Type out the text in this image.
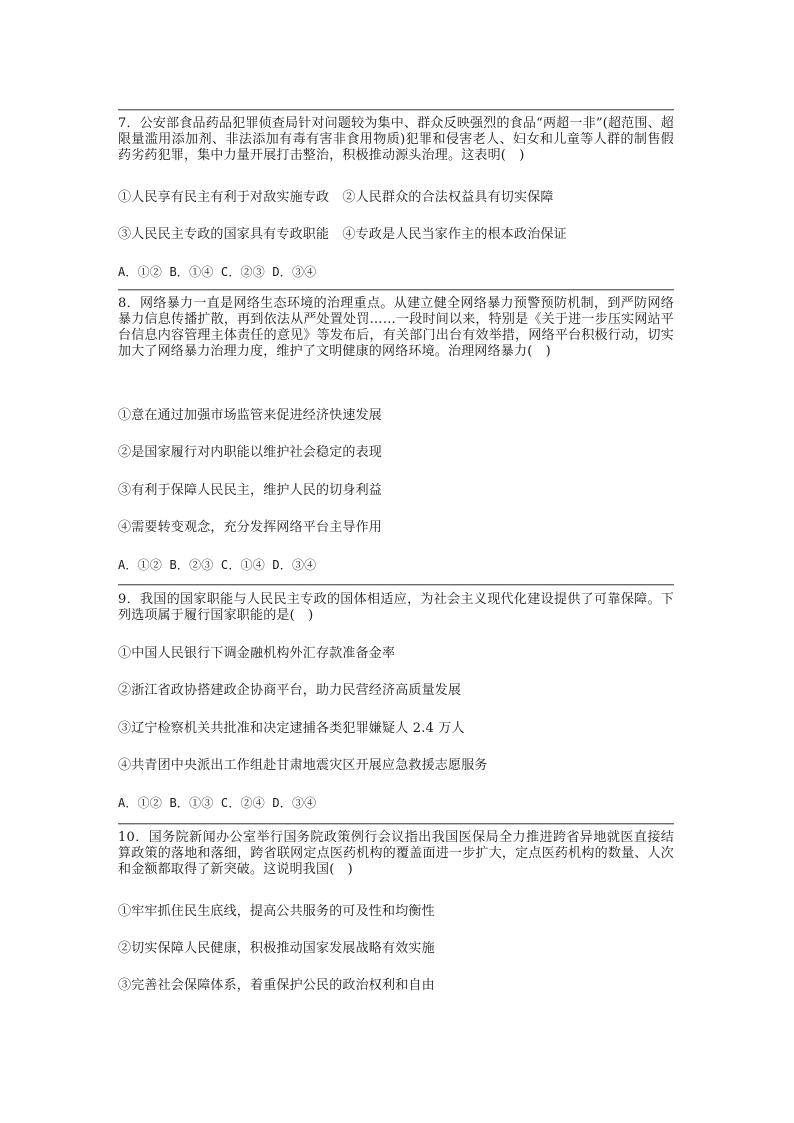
7．公安部食品药品犯罪侦查局针对问题较为集中、群众反映强烈的食品“两超一非”(超范围、超限量滥用添加剂、非法添加有毒有害非食用物质)犯罪和侵害老人、妇女和儿童等人群的制售假药劣药犯罪，集中力量开展打击整治，积极推动源头治理。这表明(　)

①人民享有民主有利于对敌实施专政　②人民群众的合法权益具有切实保障

③人民民主专政的国家具有专政职能　④专政是人民当家作主的根本政治保证

A．①② B．①④ C．②③ D．③④

8．网络暴力一直是网络生态环境的治理重点。从建立健全网络暴力预警预防机制，到严防网络暴力信息传播扩散，再到依法从严处置处罚……一段时间以来，特别是《关于进一步压实网站平台信息内容管理主体责任的意见》等发布后，有关部门出台有效举措，网络平台积极行动，切实加大了网络暴力治理力度，维护了文明健康的网络环境。治理网络暴力(　)

①意在通过加强市场监管来促进经济快速发展

②是国家履行对内职能以维护社会稳定的表现

③有利于保障人民民主，维护人民的切身利益

④需要转变观念，充分发挥网络平台主导作用

A．①② B．②③ C．①④ D．③④

9．我国的国家职能与人民民主专政的国体相适应，为社会主义现代化建设提供了可靠保障。下列选项属于履行国家职能的是(　)

①中国人民银行下调金融机构外汇存款准备金率

②浙江省政协搭建政企协商平台，助力民营经济高质量发展

③辽宁检察机关共批准和决定逮捕各类犯罪嫌疑人 2.4 万人

④共青团中央派出工作组赴甘肃地震灾区开展应急救援志愿服务

A．①② B．①③ C．②④ D．③④

10．国务院新闻办公室举行国务院政策例行会议指出我国医保局全力推进跨省异地就医直接结算政策的落地和落细，跨省联网定点医药机构的覆盖面进一步扩大，定点医药机构的数量、人次和金额都取得了新突破。这说明我国(　)

①牢牢抓住民生底线，提高公共服务的可及性和均衡性

②切实保障人民健康，积极推动国家发展战略有效实施

③完善社会保障体系，着重保护公民的政治权利和自由
